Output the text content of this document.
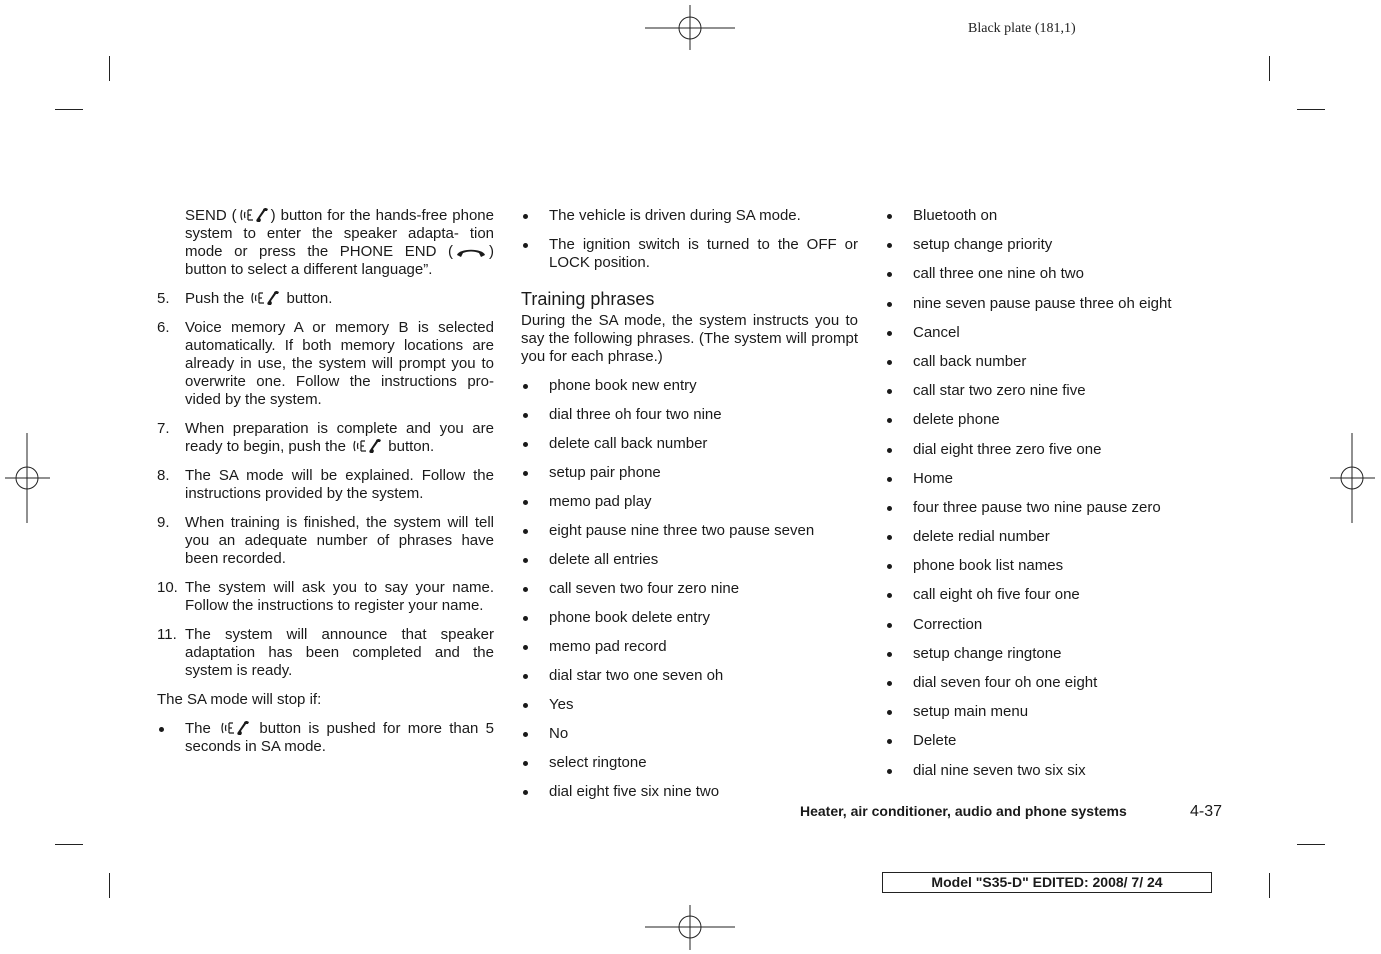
Black plate (181,1)
SEND ( ) button for the hands-free phone system to enter the speaker adapta- tion mode or press the PHONE END ( ) button to select a different language”.
5. Push the  button.
6. Voice memory A or memory B is selected automatically. If both memory locations are already in use, the system will prompt you to overwrite one. Follow the instructions pro- vided by the system.
7. When preparation is complete and you are ready to begin, push the  button.
8. The SA mode will be explained. Follow the instructions provided by the system.
9. When training is finished, the system will tell you an adequate number of phrases have been recorded.
10. The system will ask you to say your name. Follow the instructions to register your name.
11. The system will announce that speaker adaptation has been completed and the system is ready.
The SA mode will stop if:
The  button is pushed for more than 5 seconds in SA mode.
The vehicle is driven during SA mode.
The ignition switch is turned to the OFF or LOCK position.
Training phrases
During the SA mode, the system instructs you to say the following phrases. (The system will prompt you for each phrase.)
phone book new entry
dial three oh four two nine
delete call back number
setup pair phone
memo pad play
eight pause nine three two pause seven
delete all entries
call seven two four zero nine
phone book delete entry
memo pad record
dial star two one seven oh
Yes
No
select ringtone
dial eight five six nine two
Bluetooth on
setup change priority
call three one nine oh two
nine seven pause pause three oh eight
Cancel
call back number
call star two zero nine five
delete phone
dial eight three zero five one
Home
four three pause two nine pause zero
delete redial number
phone book list names
call eight oh five four one
Correction
setup change ringtone
dial seven four oh one eight
setup main menu
Delete
dial nine seven two six six
Heater, air conditioner, audio and phone systems	4-37
Model "S35-D" EDITED: 2008/ 7/ 24
